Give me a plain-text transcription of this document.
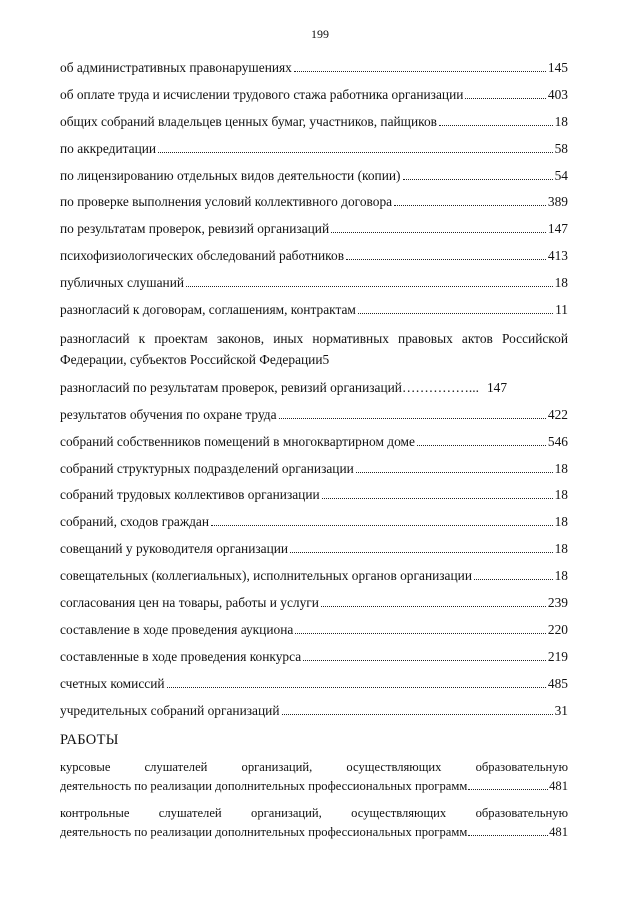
199
об административных правонарушениях	145
об оплате труда и исчислении трудового стажа работника организации	403
общих собраний владельцев ценных бумаг, участников, пайщиков	18
по аккредитации	58
по лицензированию отдельных видов деятельности (копии)	54
по проверке выполнения условий коллективного договора	389
по результатам проверок, ревизий организаций	147
психофизиологических обследований работников	413
публичных слушаний	18
разногласий к договорам, соглашениям, контрактам	11
разногласий к проектам законов, иных нормативных правовых актов Российской
Федерации, субъектов Российской Федерации 5
разногласий по результатам проверок, ревизий организаций……………... 147
результатов обучения по охране труда	422
собраний собственников помещений в многоквартирном доме	546
собраний структурных подразделений организации	18
собраний трудовых коллективов организации	18
собраний, сходов граждан	18
совещаний у руководителя организации	18
совещательных (коллегиальных), исполнительных органов организации	18
согласования цен на товары, работы и услуги	239
составление в ходе проведения аукциона	220
составленные в ходе проведения конкурса	219
счетных комиссий	485
учредительных собраний организаций	31
РАБОТЫ
курсовые слушателей организаций, осуществляющих образовательную
деятельность по реализации дополнительных профессиональных программ	481
контрольные слушателей организаций, осуществляющих образовательную
деятельность по реализации дополнительных профессиональных программ	481
